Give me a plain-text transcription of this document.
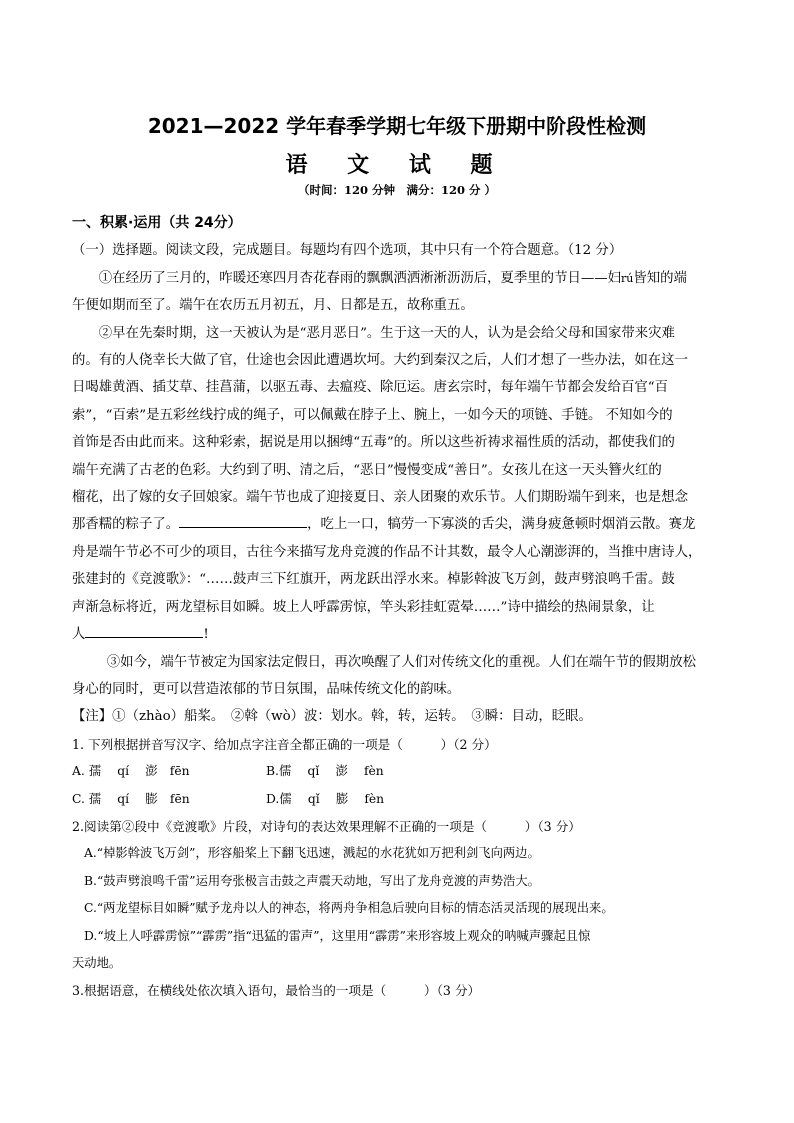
2021—2022 学年春季学期七年级下册期中阶段性检测
语 文 试 题
（时间：120 分钟　满分：120 分 ）

一、积累·运用（共 24分）

（一）选择题。阅读文段，完成题目。每题均有四个选项，其中只有一个符合题意。（12 分）

①在经历了三月的，咋暖还寒四月杏花春雨的飘飘洒洒淅淅沥沥后，夏季里的节日——妇rú皆知的端

午便如期而至了。端午在农历五月初五，月、日都是五，故称重五。

②早在先秦时期，这一天被认为是“恶月恶日”。生于这一天的人，认为是会给父母和国家带来灾难

的。有的人侥幸长大做了官，仕途也会因此遭遇坎坷。大约到秦汉之后，人们才想了一些办法，如在这一

日喝雄黄酒、插艾草、挂菖蒲，以驱五毒、去瘟疫、除厄运。唐玄宗时，每年端午节都会发给百官“百

索”，“百索”是五彩丝线拧成的绳子，可以佩戴在脖子上、腕上，一如今天的项链、手链。 不知如今的

首饰是否由此而来。这种彩索，据说是用以捆缚“五毒”的。所以这些祈祷求福性质的活动，都使我们的

端午充满了古老的色彩。大约到了明、清之后，“恶日”慢慢变成“善日”。女孩儿在这一天头簪火红的

榴花，出了嫁的女子回娘家。端午节也成了迎接夏日、亲人团聚的欢乐节。人们期盼端午到来，也是想念

那香糯的粽子了。	，吃上一口，犒劳一下寡淡的舌尖，满身疲惫顿时烟消云散。赛龙

舟是端午节必不可少的项目，古往今来描写龙舟竞渡的作品不计其数，最令人心潮澎湃的，当推中唐诗人，

张建封的《竞渡歌》：“……鼓声三下红旗开，两龙跃出浮水来。棹影斡波飞万剑，鼓声劈浪鸣千雷。鼓

声渐急标将近，两龙望标目如瞬。坡上人呼霹雳惊，竿头彩挂虹霓晕……”诗中描绘的热闹景象，让

人	!

③如今，端午节被定为国家法定假日，再次唤醒了人们对传统文化的重视。人们在端午节的假期放松

身心的同时，更可以营造浓郁的节日氛围，品味传统文化的韵味。

【注】①（zhào）船桨。　②斡（wò）波：划水。斡，转，运转。　③瞬：目动，眨眼。

1. 下列根据拼音写汉字、给加点字注音全都正确的一项是（　　　）（2 分）

A. 孺　 qí　 澎　fēn	B.儒　 qǐ　 澎　 fèn
C. 孺　 qí　 膨　fēn	D.儒　 qǐ　 膨　 fèn

2.阅读第②段中《竞渡歌》片段，对诗句的表达效果理解不正确的一项是（　　　）（3 分）

A.“棹影斡波飞万剑”，形容船桨上下翻飞迅速，溅起的水花犹如万把利剑飞向两边。

B.“鼓声劈浪鸣千雷”运用夸张极言击鼓之声震天动地，写出了龙舟竞渡的声势浩大。

C.“两龙望标目如瞬”赋予龙舟以人的神态，将两舟争相急后驶向目标的情态活灵活现的展现出来。

D.“坡上人呼霹雳惊”“霹雳”指“迅猛的雷声”，这里用“霹雳”来形容坡上观众的呐喊声骤起且惊

天动地。

3.根据语意，在横线处依次填入语句，最恰当的一项是（　　　）（3 分）
